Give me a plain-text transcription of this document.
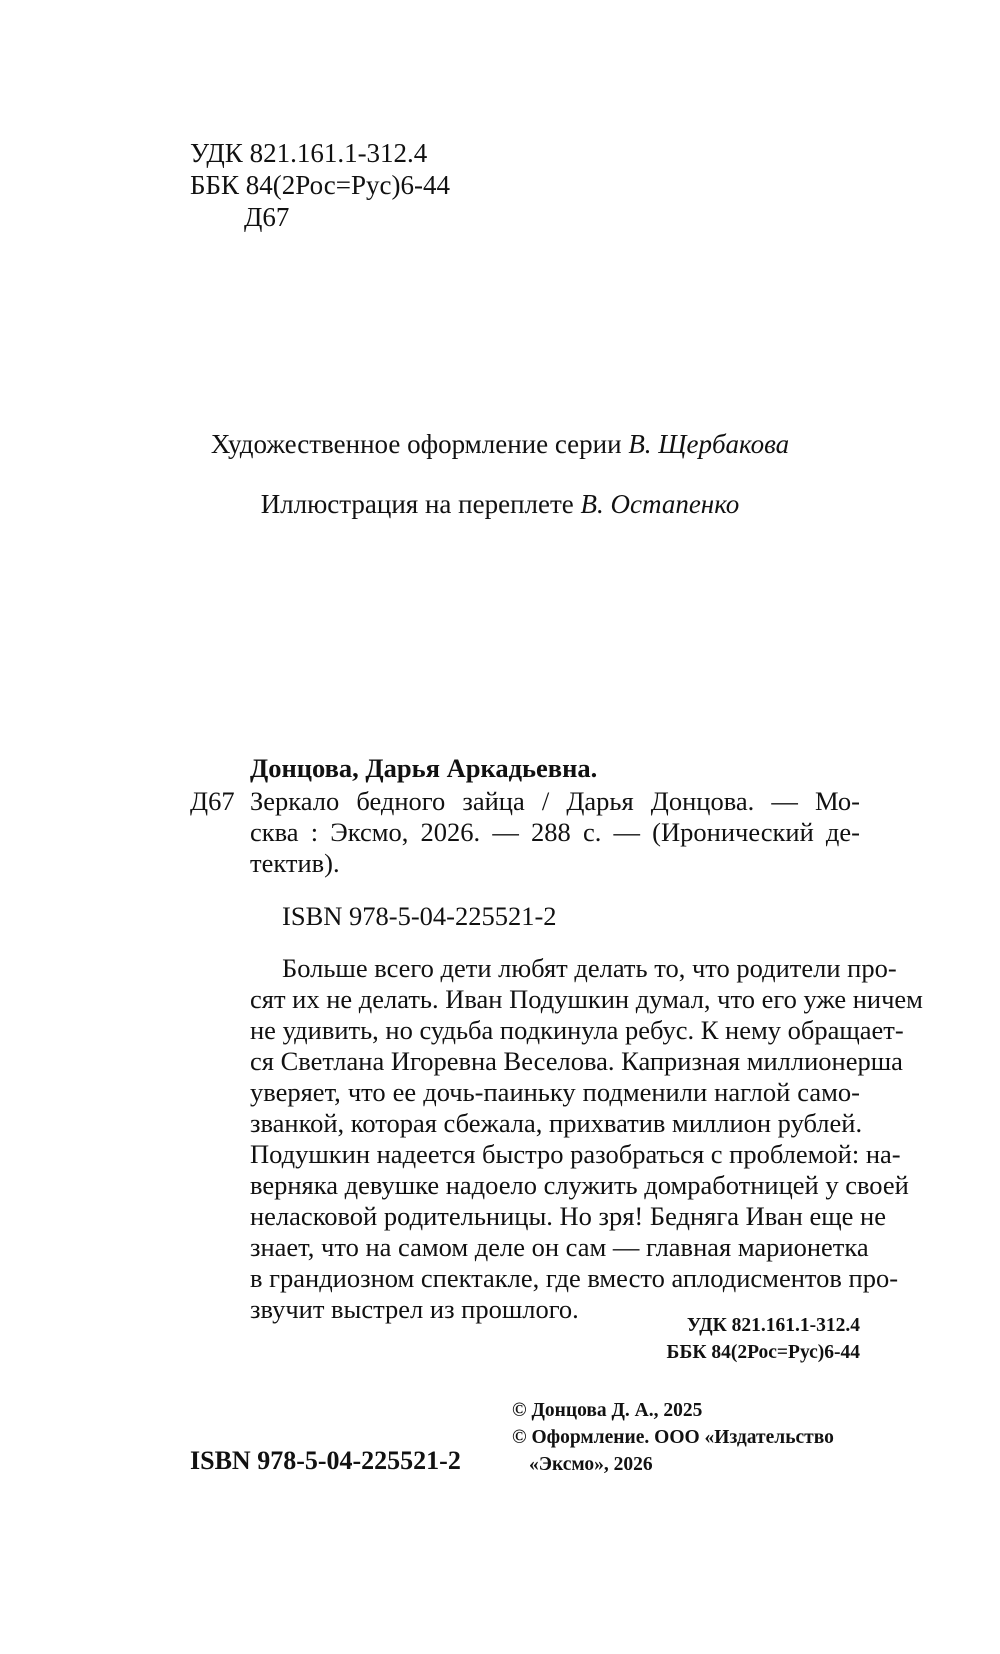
УДК 821.161.1-312.4
ББК 84(2Рос=Рус)6-44
Д67
Художественное оформление серии В. Щербакова
Иллюстрация на переплете В. Остапенко
Донцова, Дарья Аркадьевна.
Д67 Зеркало бедного зайца / Дарья Донцова. — Мо-
сква : Эксмо, 2026. — 288 с. — (Иронический де-
тектив).
ISBN 978-5-04-225521-2
Больше всего дети любят делать то, что родители про-
сят их не делать. Иван Подушкин думал, что его уже ничем
не удивить, но судьба подкинула ребус. К нему обращает-
ся Светлана Игоревна Веселова. Капризная миллионерша
уверяет, что ее дочь-паиньку подменили наглой само-
званкой, которая сбежала, прихватив миллион рублей.
Подушкин надеется быстро разобраться с проблемой: на-
верняка девушке надоело служить домработницей у своей
неласковой родительницы. Но зря! Бедняга Иван еще не
знает, что на самом деле он сам — главная марионетка
в грандиозном спектакле, где вместо аплодисментов про-
звучит выстрел из прошлого.
УДК 821.161.1-312.4
ББК 84(2Рос=Рус)6-44
ISBN 978-5-04-225521-2
© Донцова Д. А., 2025
© Оформление. ООО «Издательство
«Эксмо», 2026
